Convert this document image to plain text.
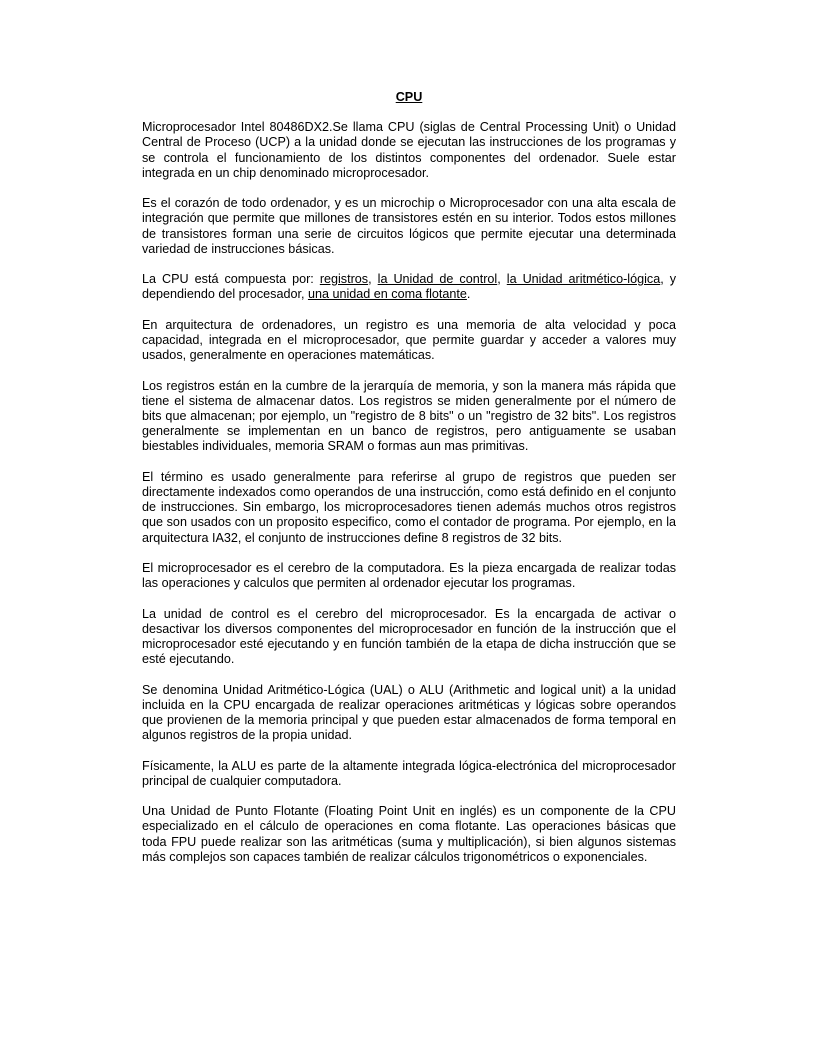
CPU

Microprocesador Intel 80486DX2.Se llama CPU (siglas de Central Processing Unit) o Unidad Central de Proceso (UCP) a la unidad donde se ejecutan las instrucciones de los programas y se controla el funcionamiento de los distintos componentes del ordenador. Suele estar integrada en un chip denominado microprocesador.

Es el corazón de todo ordenador, y es un microchip o Microprocesador con una alta escala de integración que permite que millones de transistores estén en su interior. Todos estos millones de transistores forman una serie de circuitos lógicos que permite ejecutar una determinada variedad de instrucciones básicas.

La CPU está compuesta por: registros, la Unidad de control, la Unidad aritmético-lógica, y dependiendo del procesador, una unidad en coma flotante.

En arquitectura de ordenadores, un registro es una memoria de alta velocidad y poca capacidad, integrada en el microprocesador, que permite guardar y acceder a valores muy usados, generalmente en operaciones matemáticas.

Los registros están en la cumbre de la jerarquía de memoria, y son la manera más rápida que tiene el sistema de almacenar datos. Los registros se miden generalmente por el número de bits que almacenan; por ejemplo, un "registro de 8 bits" o un "registro de 32 bits". Los registros generalmente se implementan en un banco de registros, pero antiguamente se usaban biestables individuales, memoria SRAM o formas aun mas primitivas.

El término es usado generalmente para referirse al grupo de registros que pueden ser directamente indexados como operandos de una instrucción, como está definido en el conjunto de instrucciones. Sin embargo, los microprocesadores tienen además muchos otros registros que son usados con un proposito especifico, como el contador de programa. Por ejemplo, en la arquitectura IA32, el conjunto de instrucciones define 8 registros de 32 bits.

El microprocesador es el cerebro de la computadora. Es la pieza encargada de realizar todas las operaciones y calculos que permiten al ordenador ejecutar los programas.

La unidad de control es el cerebro del microprocesador. Es la encargada de activar o desactivar los diversos componentes del microprocesador en función de la instrucción que el microprocesador esté ejecutando y en función también de la etapa de dicha instrucción que se esté ejecutando.

Se denomina Unidad Aritmético-Lógica (UAL) o ALU (Arithmetic and logical unit) a la unidad incluida en la CPU encargada de realizar operaciones aritméticas y lógicas sobre operandos que provienen de la memoria principal y que pueden estar almacenados de forma temporal en algunos registros de la propia unidad.

Físicamente, la ALU es parte de la altamente integrada lógica-electrónica del microprocesador principal de cualquier computadora.

Una Unidad de Punto Flotante (Floating Point Unit en inglés) es un componente de la CPU especializado en el cálculo de operaciones en coma flotante. Las operaciones básicas que toda FPU puede realizar son las aritméticas (suma y multiplicación), si bien algunos sistemas más complejos son capaces también de realizar cálculos trigonométricos o exponenciales.
